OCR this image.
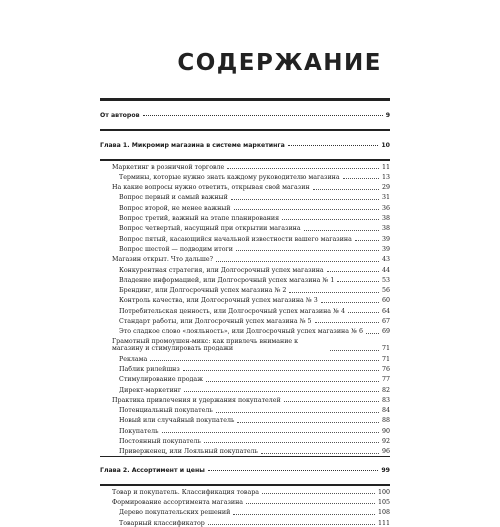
СОДЕРЖАНИЕ
От авторов	9
Глава 1. Микромир магазина в системе маркетинга	10
Маркетинг в розничной торговле	11
Термины, которые нужно знать каждому руководителю магазина	13
На какие вопросы нужно ответить, открывая свой магазин	29
Вопрос первый и самый важный	31
Вопрос второй, не менее важный	36
Вопрос третий, важный на этапе планирования	38
Вопрос четвертый, насущный при открытии магазина	38
Вопрос пятый, касающийся начальной известности вашего магазина	39
Вопрос шестой — подводим итоги	39
Магазин открыт. Что дальше?	43
Конкурентная стратегия, или Долгосрочный успех магазина	44
Владение информацией, или Долгосрочный успех магазина № 1	53
Брендинг, или Долгосрочный успех магазина № 2	56
Контроль качества, или Долгосрочный успех магазина № 3	60
Потребительская ценность, или Долгосрочный успех магазина № 4	64
Стандарт работы, или Долгосрочный успех магазина № 5	67
Это сладкое слово «лояльность», или Долгосрочный успех магазина № 6	69
Грамотный промоушен-микс: как привлечь внимание к магазину и стимулировать продажи	71
Реклама	71
Паблик рилейшнз	76
Стимулирование продаж	77
Директ-маркетинг	82
Практика привлечения и удержания покупателей	83
Потенциальный покупатель	84
Новый или случайный покупатель	88
Покупатель	90
Постоянный покупатель	92
Приверженец, или Лояльный покупатель	96
Глава 2. Ассортимент и цены	99
Товар и покупатель. Классификация товара	100
Формирование ассортимента магазина	105
Дерево покупательских решений	108
Товарный классификатор	111
